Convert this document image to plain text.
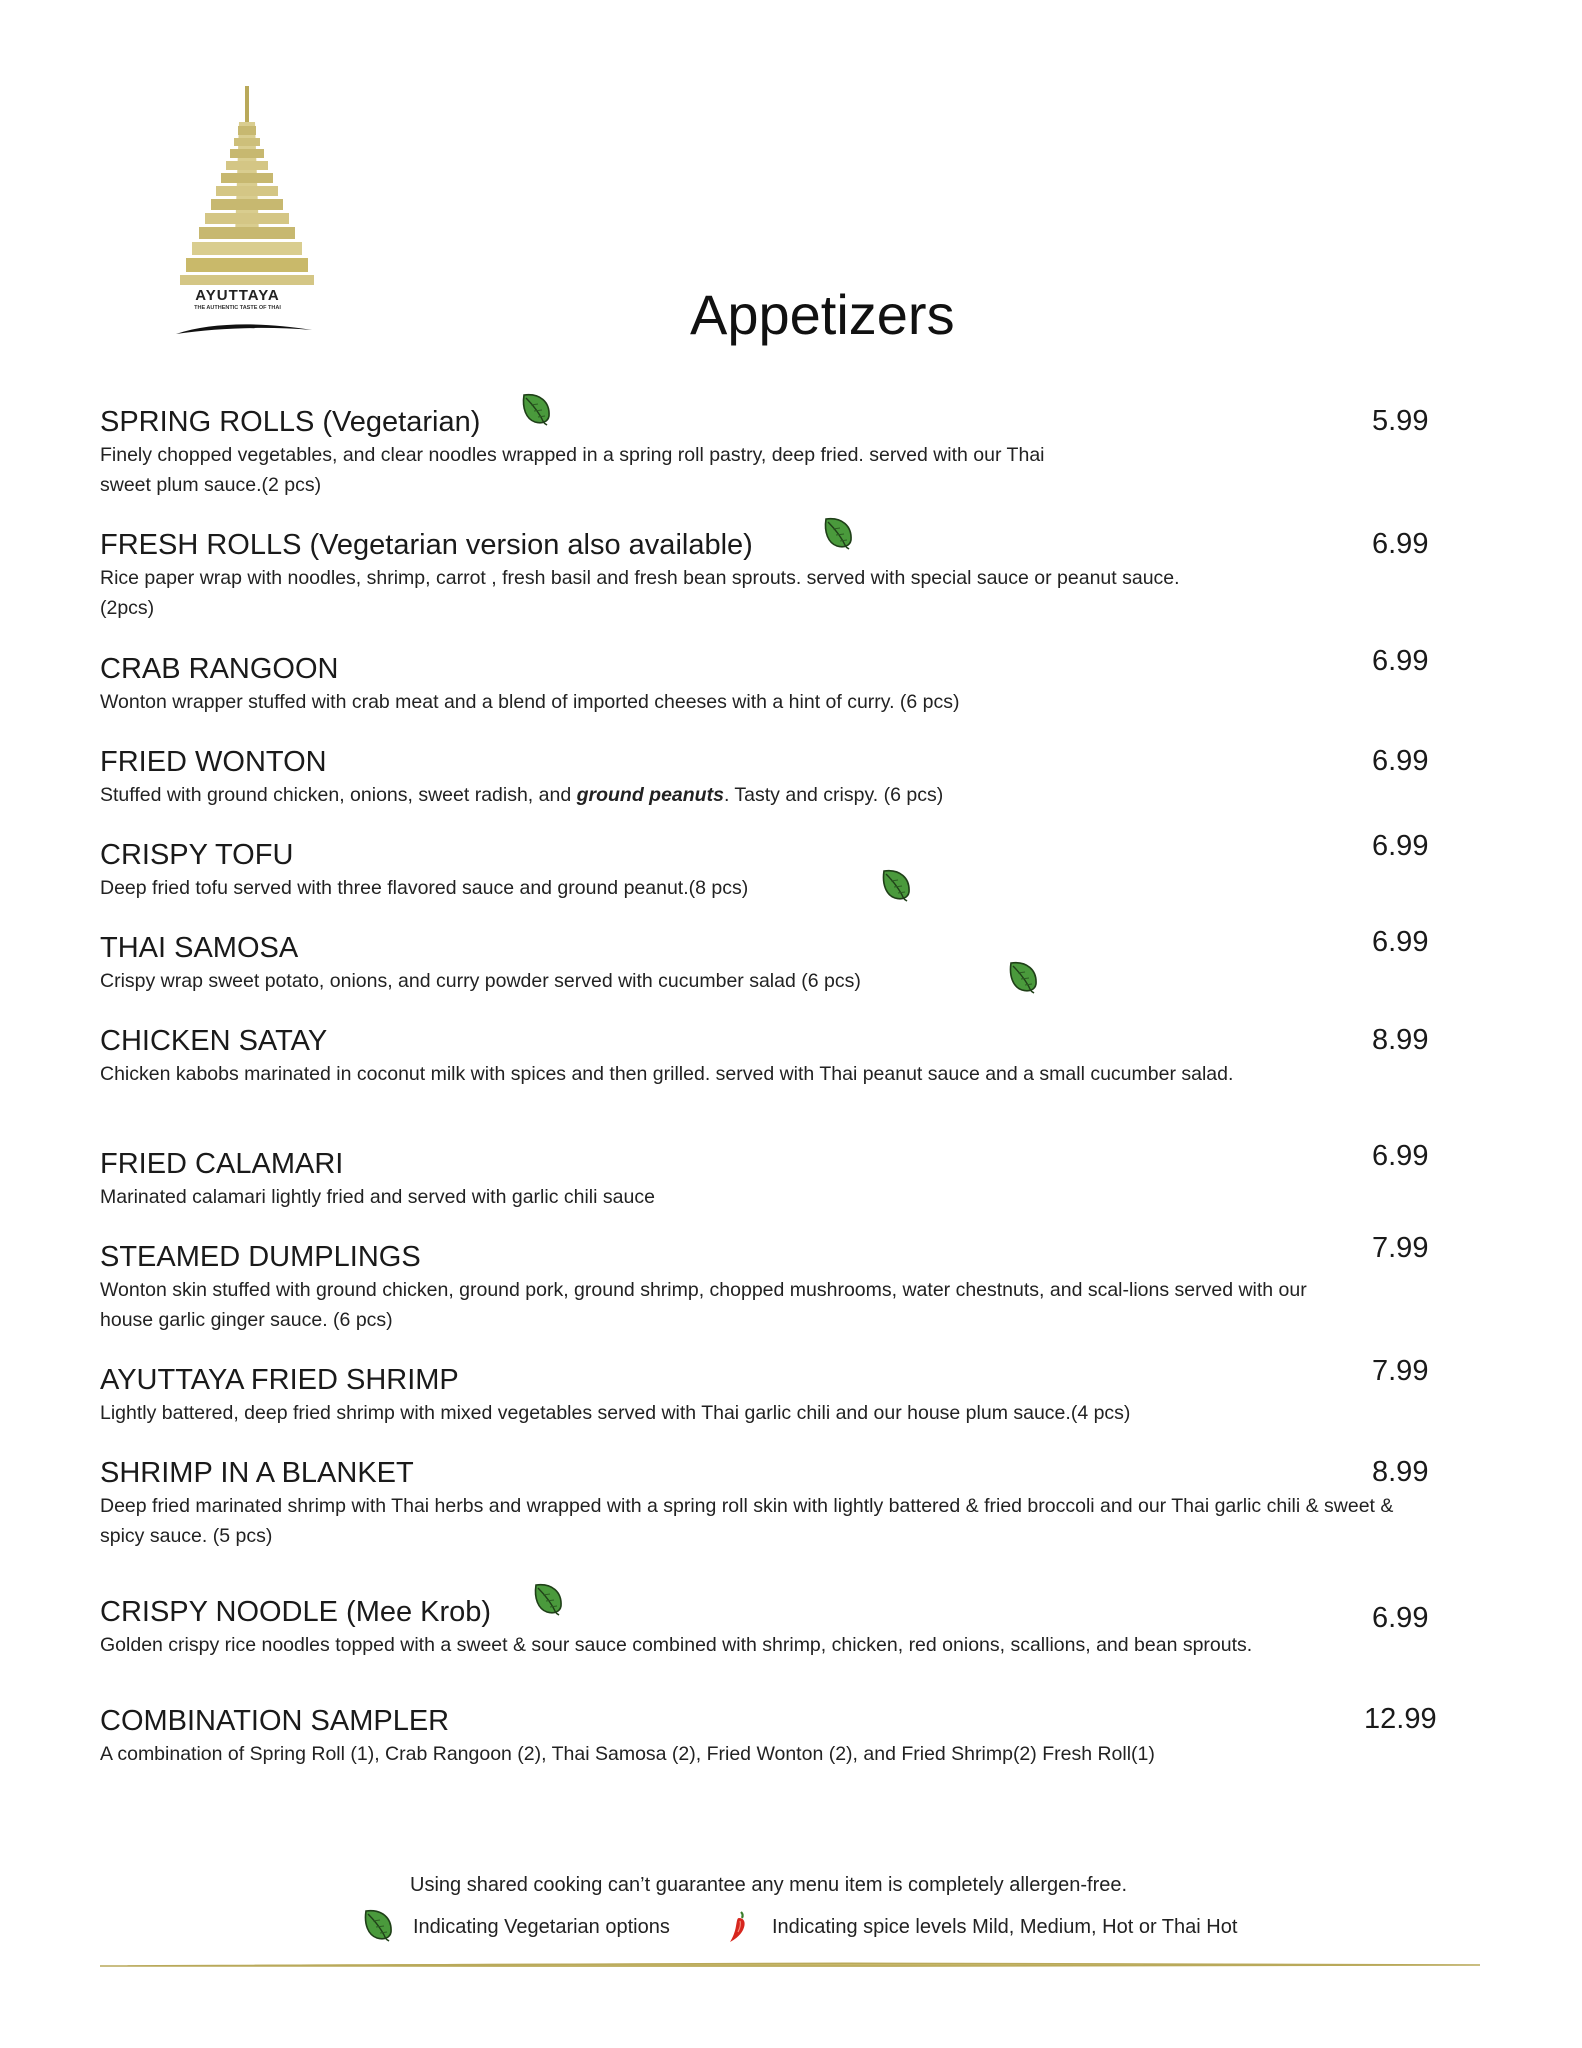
AYUTTAYA
THE AUTHENTIC TASTE OF THAI	Appetizers
SPRING ROLLS (Vegetarian)
Finely chopped vegetables, and clear noodles wrapped in a spring roll pastry, deep fried. served with our Thai sweet plum sauce.(2 pcs)
5.99
FRESH ROLLS (Vegetarian version also available)
Rice paper wrap with noodles, shrimp, carrot , fresh basil and fresh bean sprouts. served with special sauce or peanut sauce.(2pcs)
6.99
CRAB RANGOON
Wonton wrapper stuffed with crab meat and a blend of imported cheeses with a hint of curry. (6 pcs)
6.99
FRIED WONTON
Stuffed with ground chicken, onions, sweet radish, and ground peanuts. Tasty and crispy. (6 pcs)
6.99
CRISPY TOFU
Deep fried tofu served with three flavored sauce and ground peanut.(8 pcs)
6.99
THAI SAMOSA
Crispy wrap sweet potato, onions, and curry powder served with cucumber salad (6 pcs)
6.99
CHICKEN SATAY
Chicken kabobs marinated in coconut milk with spices and then grilled. served with Thai peanut sauce and a small cucumber salad.
8.99
FRIED CALAMARI
Marinated calamari lightly fried and served with garlic chili sauce
6.99
STEAMED DUMPLINGS
Wonton skin stuffed with ground chicken, ground pork, ground shrimp, chopped mushrooms, water chestnuts, and scal-lions served with our house garlic ginger sauce. (6 pcs)
7.99
AYUTTAYA FRIED SHRIMP
Lightly battered, deep fried shrimp with mixed vegetables served with Thai garlic chili and our house plum sauce.(4 pcs)
7.99
SHRIMP IN A BLANKET
Deep fried marinated shrimp with Thai herbs and wrapped with a spring roll skin with lightly battered & fried broccoli and our Thai garlic chili & sweet & spicy sauce. (5 pcs)
8.99
CRISPY NOODLE (Mee Krob)
Golden crispy rice noodles topped with a sweet & sour sauce combined with shrimp, chicken, red onions, scallions, and bean sprouts.
6.99
COMBINATION SAMPLER
A combination of Spring Roll (1), Crab Rangoon (2), Thai Samosa (2), Fried Wonton (2), and Fried Shrimp(2) Fresh Roll(1)
12.99
Using shared cooking can’t guarantee any menu item is completely allergen-free.
Indicating Vegetarian options	Indicating spice levels Mild, Medium, Hot or Thai Hot
